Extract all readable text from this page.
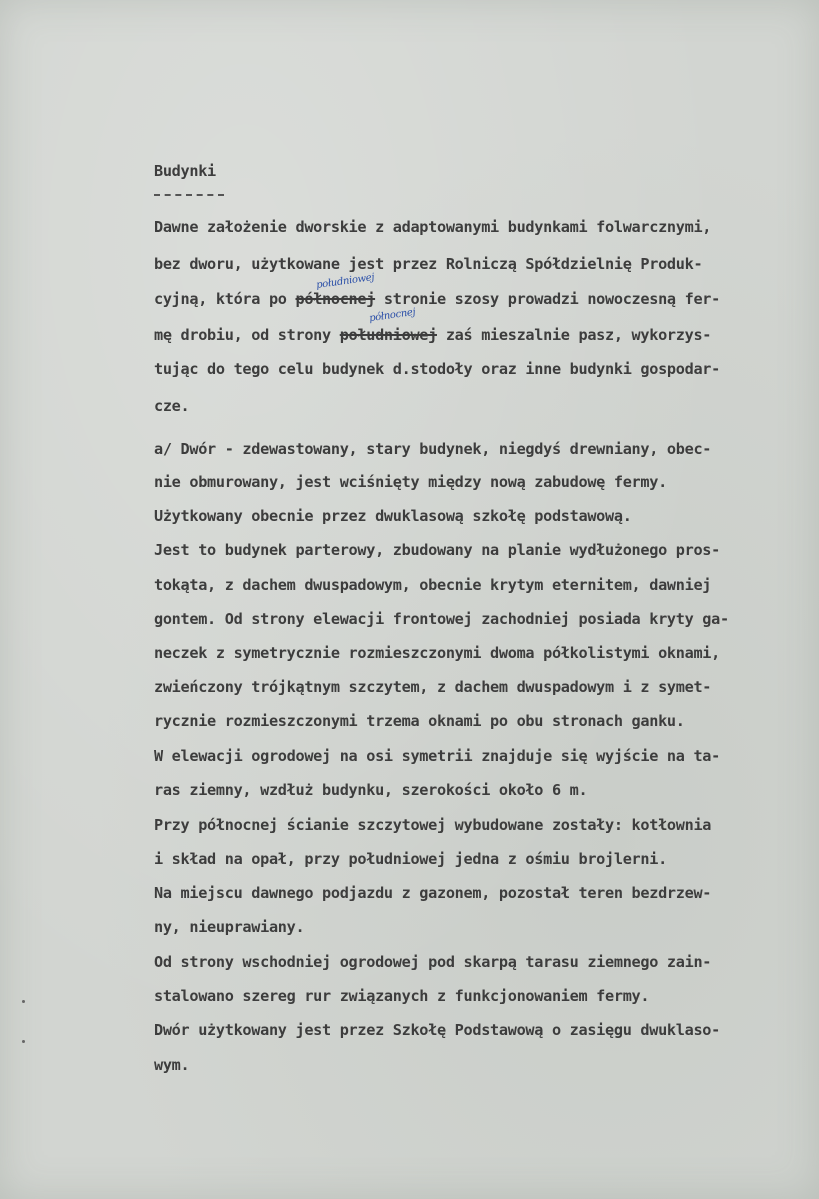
Budynki
Dawne założenie dworskie z adaptowanymi budynkami folwarcznymi,
bez dworu, użytkowane jest przez Rolniczą Spółdzielnię Produk-
cyjną, która po północnej stronie szosy prowadzi nowoczesną fer-
południowej
mę drobiu, od strony południowej zaś mieszalnie pasz, wykorzys-
północnej
tując do tego celu budynek d.stodoły oraz inne budynki gospodar-
cze.
a/ Dwór - zdewastowany, stary budynek, niegdyś drewniany, obec-
nie obmurowany, jest wciśnięty między nową zabudowę fermy.
Użytkowany obecnie przez dwuklasową szkołę podstawową.
Jest to budynek parterowy, zbudowany na planie wydłużonego pros-
tokąta, z dachem dwuspadowym, obecnie krytym eternitem, dawniej
gontem. Od strony elewacji frontowej zachodniej posiada kryty ga-
neczek z symetrycznie rozmieszczonymi dwoma półkolistymi oknami,
zwieńczony trójkątnym szczytem, z dachem dwuspadowym i z symet-
rycznie rozmieszczonymi trzema oknami po obu stronach ganku.
W elewacji ogrodowej na osi symetrii znajduje się wyjście na ta-
ras ziemny, wzdłuż budynku, szerokości około 6 m.
Przy północnej ścianie szczytowej wybudowane zostały: kotłownia
i skład na opał, przy południowej jedna z ośmiu brojlerni.
Na miejscu dawnego podjazdu z gazonem, pozostał teren bezdrzew-
ny, nieuprawiany.
Od strony wschodniej ogrodowej pod skarpą tarasu ziemnego zain-
stalowano szereg rur związanych z funkcjonowaniem fermy.
Dwór użytkowany jest przez Szkołę Podstawową o zasięgu dwuklaso-
wym.
